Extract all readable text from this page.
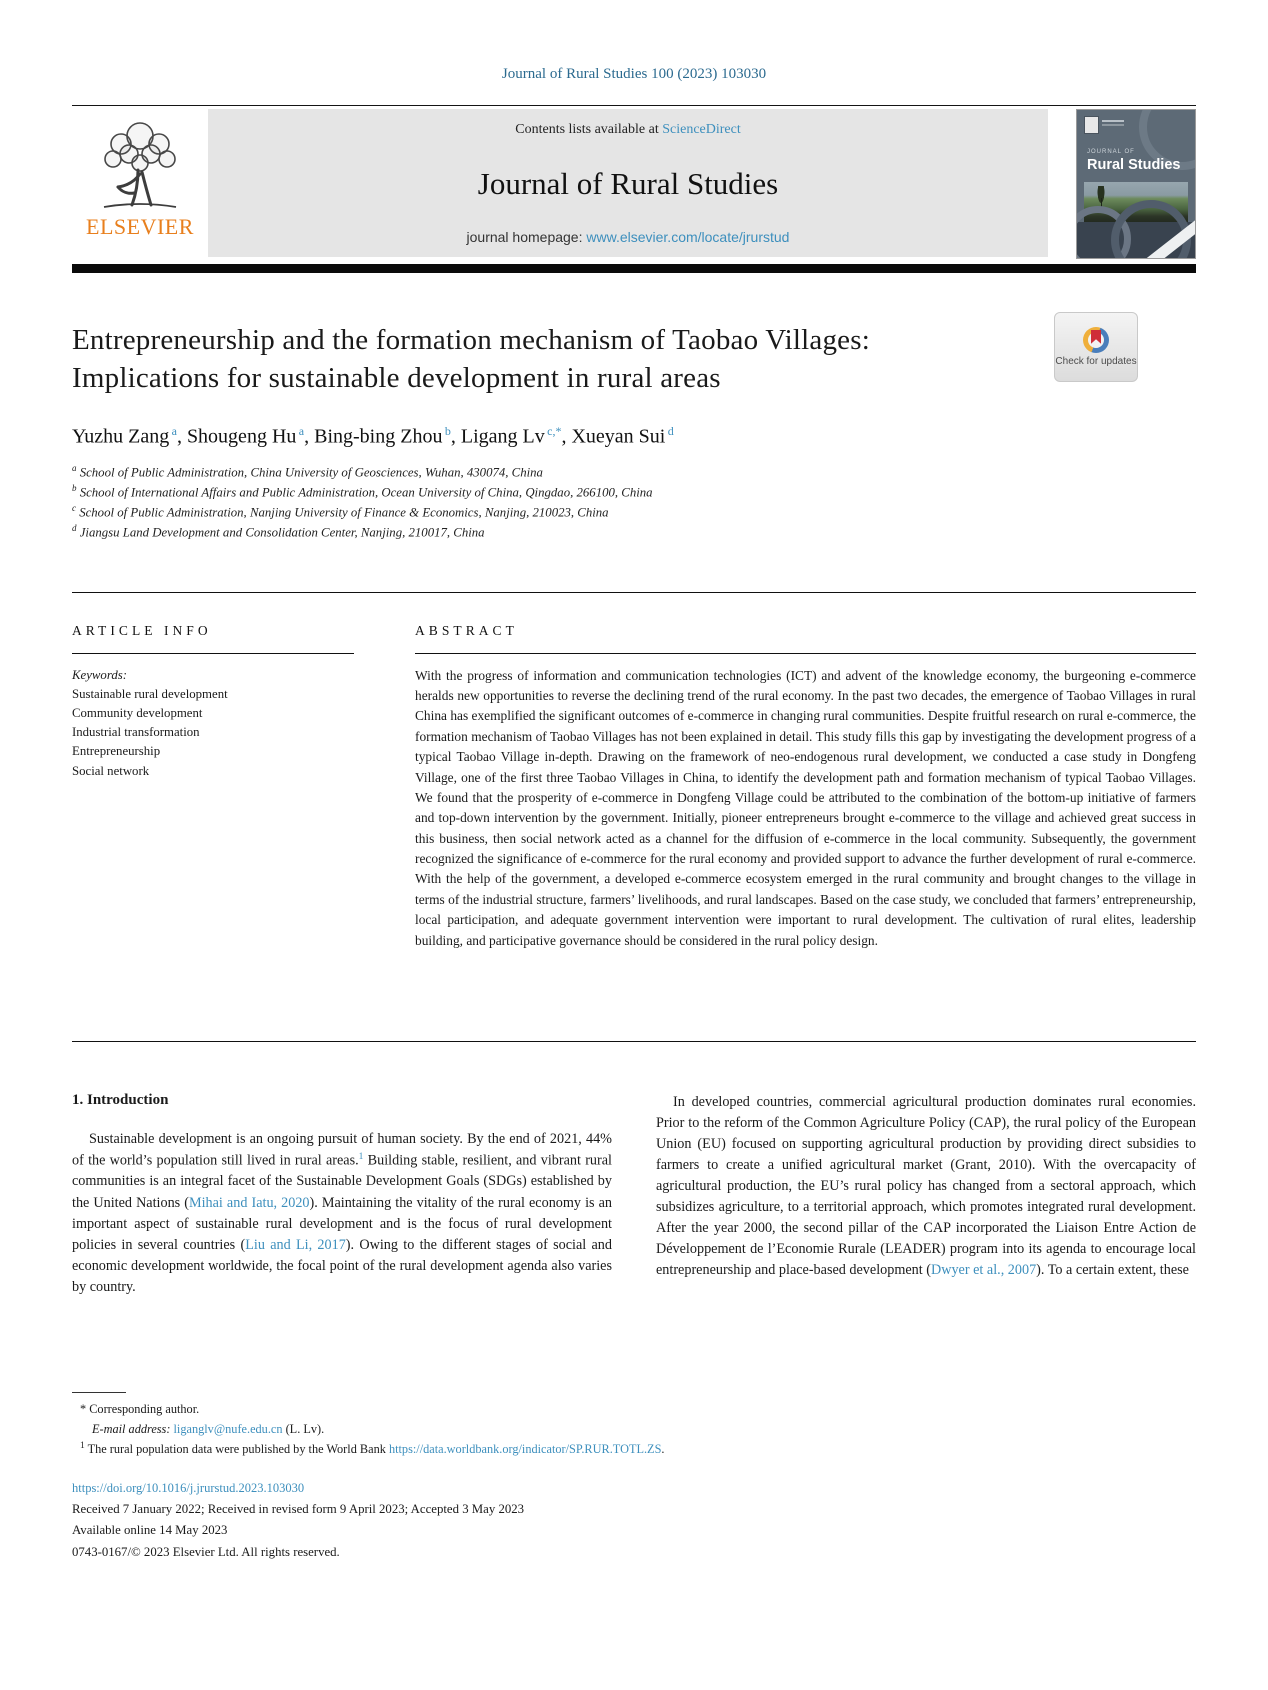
Journal of Rural Studies 100 (2023) 103030
ELSEVIER
Contents lists available at ScienceDirect
Journal of Rural Studies
journal homepage: www.elsevier.com/locate/jrurstud
JOURNAL OF
Rural Studies
Entrepreneurship and the formation mechanism of Taobao Villages: Implications for sustainable development in rural areas
Check for updates
Yuzhu Zang $^a$, Shougeng Hu $^a$, Bing-bing Zhou $^b$, Ligang Lv $^{c,*}$, Xueyan Sui $^d$
$^a$ School of Public Administration, China University of Geosciences, Wuhan, 430074, China
$^b$ School of International Affairs and Public Administration, Ocean University of China, Qingdao, 266100, China
$^c$ School of Public Administration, Nanjing University of Finance & Economics, Nanjing, 210023, China
$^d$ Jiangsu Land Development and Consolidation Center, Nanjing, 210017, China
ARTICLE INFO
Keywords:
Sustainable rural development
Community development
Industrial transformation
Entrepreneurship
Social network
ABSTRACT

With the progress of information and communication technologies (ICT) and advent of the knowledge economy, the burgeoning e-commerce heralds new opportunities to reverse the declining trend of the rural economy. In the past two decades, the emergence of Taobao Villages in rural China has exemplified the significant outcomes of e-commerce in changing rural communities. Despite fruitful research on rural e-commerce, the formation mechanism of Taobao Villages has not been explained in detail. This study fills this gap by investigating the development progress of a typical Taobao Village in-depth. Drawing on the framework of neo-endogenous rural development, we conducted a case study in Dongfeng Village, one of the first three Taobao Villages in China, to identify the development path and formation mechanism of typical Taobao Villages. We found that the prosperity of e-commerce in Dongfeng Village could be attributed to the combination of the bottom-up initiative of farmers and top-down intervention by the government. Initially, pioneer entrepreneurs brought e-commerce to the village and achieved great success in this business, then social network acted as a channel for the diffusion of e-commerce in the local community. Subsequently, the government recognized the significance of e-commerce for the rural economy and provided support to advance the further development of rural e-commerce. With the help of the government, a developed e-commerce ecosystem emerged in the rural community and brought changes to the village in terms of the industrial structure, farmers’ livelihoods, and rural landscapes. Based on the case study, we concluded that farmers’ entrepreneurship, local participation, and adequate government intervention were important to rural development. The cultivation of rural elites, leadership building, and participative governance should be considered in the rural policy design.

1. Introduction

Sustainable development is an ongoing pursuit of human society. By the end of 2021, 44% of the world’s population still lived in rural areas.$^1$ Building stable, resilient, and vibrant rural communities is an integral facet of the Sustainable Development Goals (SDGs) established by the United Nations (Mihai and Iatu, 2020). Maintaining the vitality of the rural economy is an important aspect of sustainable rural development and is the focus of rural development policies in several countries (Liu and Li, 2017). Owing to the different stages of social and economic development worldwide, the focal point of the rural development agenda also varies by country.

In developed countries, commercial agricultural production dominates rural economies. Prior to the reform of the Common Agriculture Policy (CAP), the rural policy of the European Union (EU) focused on supporting agricultural production by providing direct subsidies to farmers to create a unified agricultural market (Grant, 2010). With the overcapacity of agricultural production, the EU’s rural policy has changed from a sectoral approach, which subsidizes agriculture, to a territorial approach, which promotes integrated rural development. After the year 2000, the second pillar of the CAP incorporated the Liaison Entre Action de Développement de l’Economie Rurale (LEADER) program into its agenda to encourage local entrepreneurship and place-based development (Dwyer et al., 2007). To a certain extent, these

* Corresponding author.
E-mail address: liganglv@nufe.edu.cn (L. Lv).
$^1$ The rural population data were published by the World Bank https://data.worldbank.org/indicator/SP.RUR.TOTL.ZS.
https://doi.org/10.1016/j.jrurstud.2023.103030
Received 7 January 2022; Received in revised form 9 April 2023; Accepted 3 May 2023
Available online 14 May 2023
0743-0167/© 2023 Elsevier Ltd. All rights reserved.
